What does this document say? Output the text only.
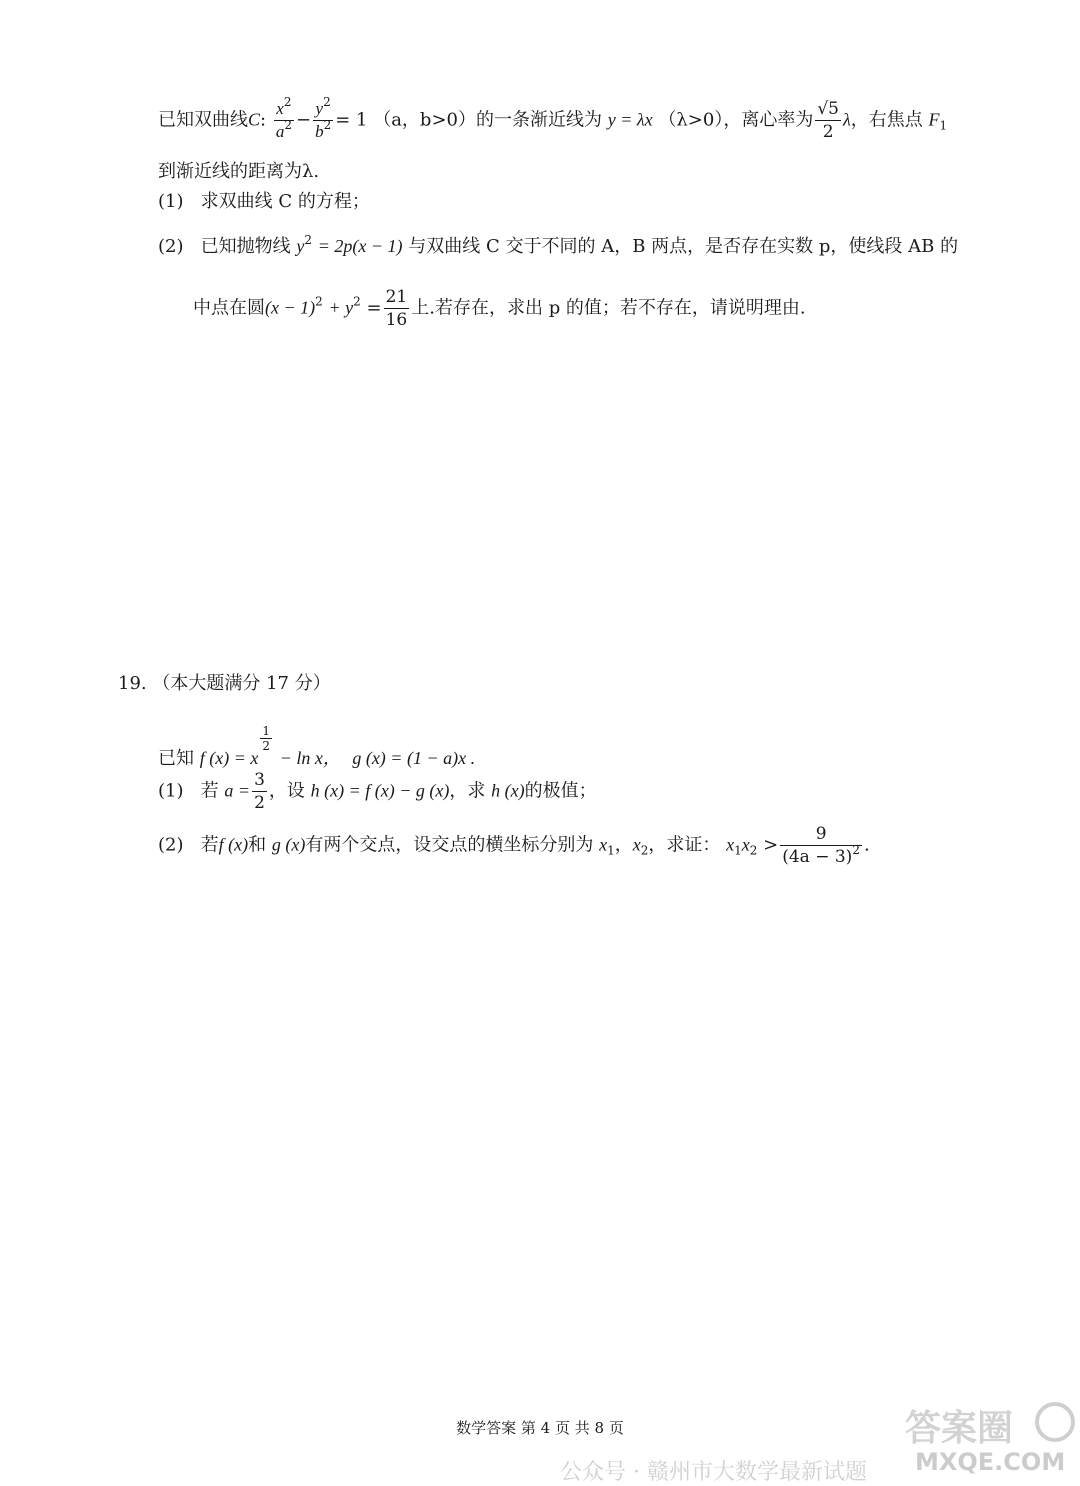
已知双曲线C: $\frac{x^2}{a^2} - \frac{y^2}{b^2} = 1$ （a，b>0）的一条渐近线为 y = λx （λ>0），离心率为 $\frac{√5}{2}$ λ，右焦点 $F_1$
到渐近线的距离为λ.
(1) 求双曲线 C 的方程；
(2) 已知抛物线 $y^2 = 2p(x - 1)$ 与双曲线 C 交于不同的 A，B 两点，是否存在实数 p，使线段 AB 的
中点在圆$(x - 1)^2 + y^2 = \frac{21}{16}$ 上.若存在，求出 p 的值；若不存在，请说明理由.
19. （本大题满分 17 分）
已知 f (x) = x
$\frac{1}{2}$
− ln x， g (x) = (1 − a)x .
(1) 若 $a = \frac{3}{2}$ ，设 h (x) = f (x) − g (x)，求 h (x)的极值；
(2) 若f (x)和 g (x)有两个交点，设交点的横坐标分别为 $x_1$，$x_2$，求证： $x_1x_2 > \frac{9}{(4a - 3)^2}$ .
数学答案 第 4 页 共 8 页	答案圈
MXQE.COM
公众号 · 赣州市大数学最新试题
